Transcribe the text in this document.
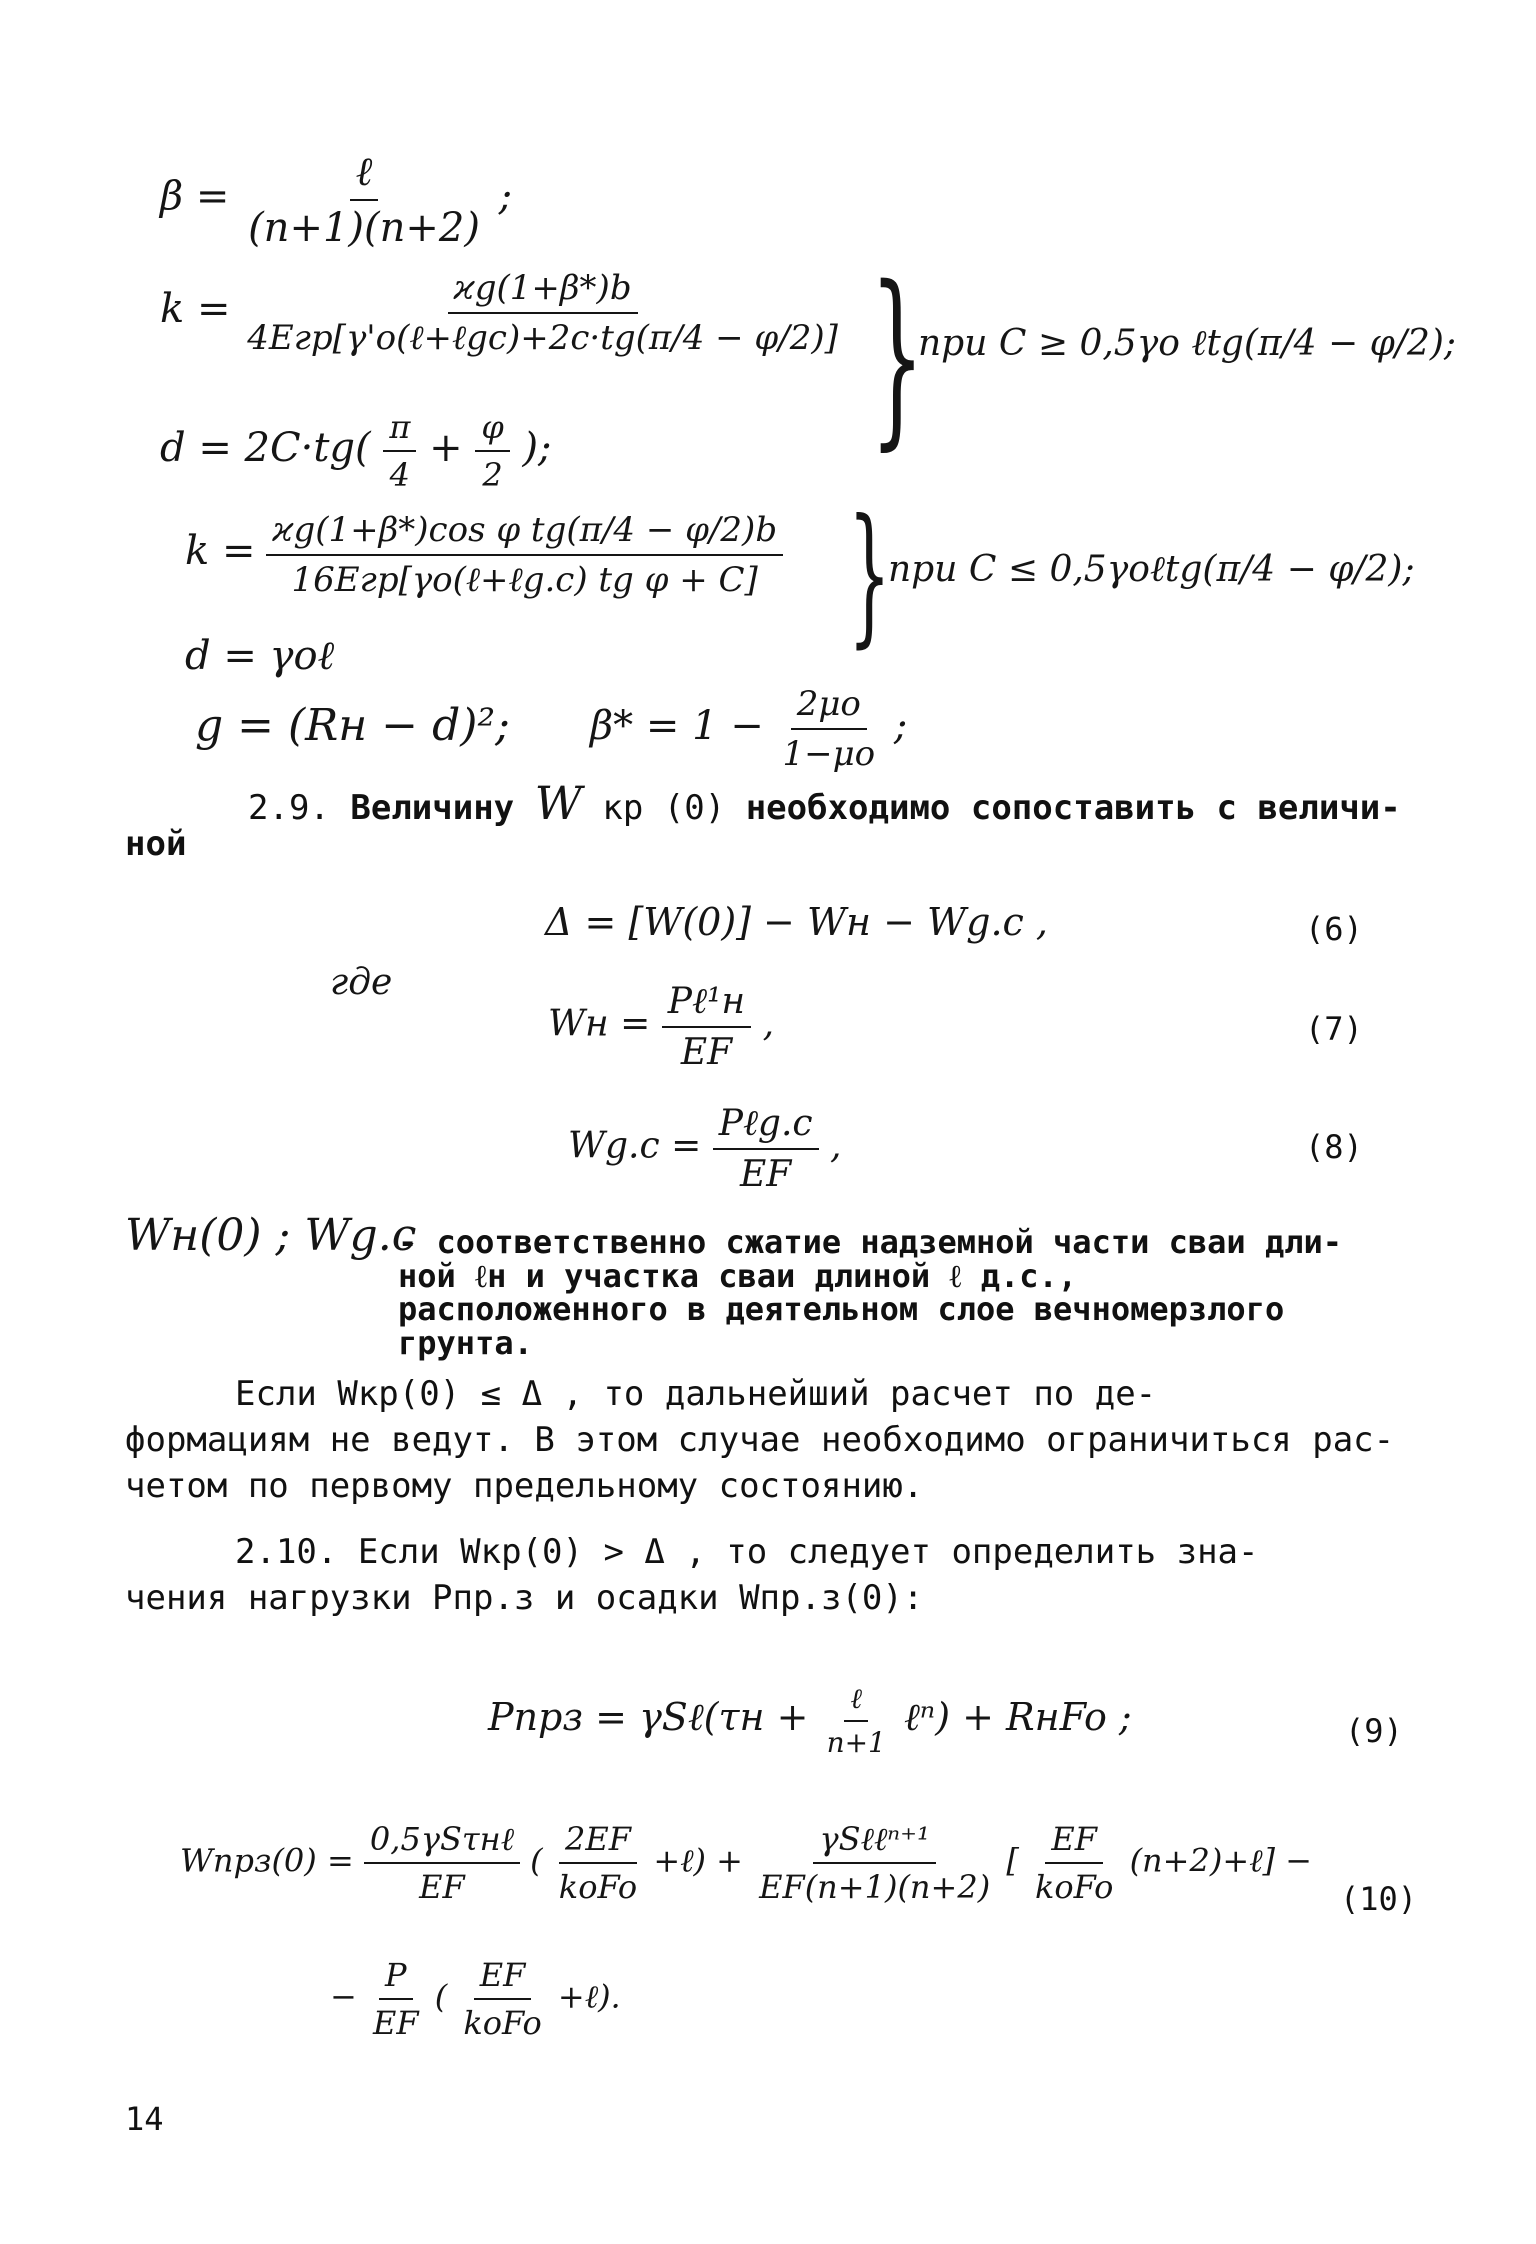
$\beta = \frac{\text{ℓ}}{(n+1)(n+2)}$ ;
$k = \frac{ϰg(1+\beta*)b}{\text{4Eгр[γ'o(ℓ+ℓgc)+2c·tg(π/4 − φ/2)]}}$ }
при C ≥ 0,5γo ℓtg(π/4 − φ/2);
$d = 2C\cdot tg( \frac{\pi}{4} + \frac{\varphi}{2}$ );
$k = \frac{\text{ϰg(1+β*)cos φ tg(π/4 − φ/2)b}}{\text{16Eгр[γo(ℓ+ℓg.c) tg φ + C]}}$ }
при C ≤ 0,5γoℓtg(π/4 − φ/2);
d = γoℓ
g = (Rн − d)²; $\beta* = 1 - \frac{2\mu o}{1-\mu o}$ ;
2.9. Величину W кр (0) необходимо сопоставить с величи-
ной
Δ = [W(0)] − Wн − Wg.c ,	(6)
где
Wн = $\frac{\text{Pℓ¹н}}{EF}$ ,	(7)
$Wg.c = \frac{\text{Pℓg.c}}{EF}$ ,	(8)
Wн(0) ; Wg.c
- соответственно сжатие надземной части сваи дли-
ной ℓн и участка сваи длиной ℓ д.с.,
расположенного в деятельном слое вечномерзлого
грунта.
Если Wкр(0) ≤ Δ , то дальнейший расчет по де-
формациям не ведут. В этом случае необходимо ограничиться рас-
четом по первому предельному состоянию.
2.10. Если Wкр(0) > Δ , то следует определить зна-
чения нагрузки Pпр.з и осадки Wпр.з(0):
Pпрз = γSℓ(τн + $\frac{\text{ℓ}}{n+1}$ ℓⁿ) + RнFo ;	(9)
Wпрз(0) = $\frac{\text{0,5γSτнℓ}}{EF}$ ( $\frac{2EF}{\text{koFo}}$ +ℓ) + $\frac{\text{γSℓℓⁿ⁺¹}}{EF(n+1)(n+2)}$ [ $\frac{EF}{\text{koFo}}$ (n+2)+ℓ] −
(10)
− $\frac{P}{EF}$ ( $\frac{EF}{\text{koFo}}$ +ℓ).
14
